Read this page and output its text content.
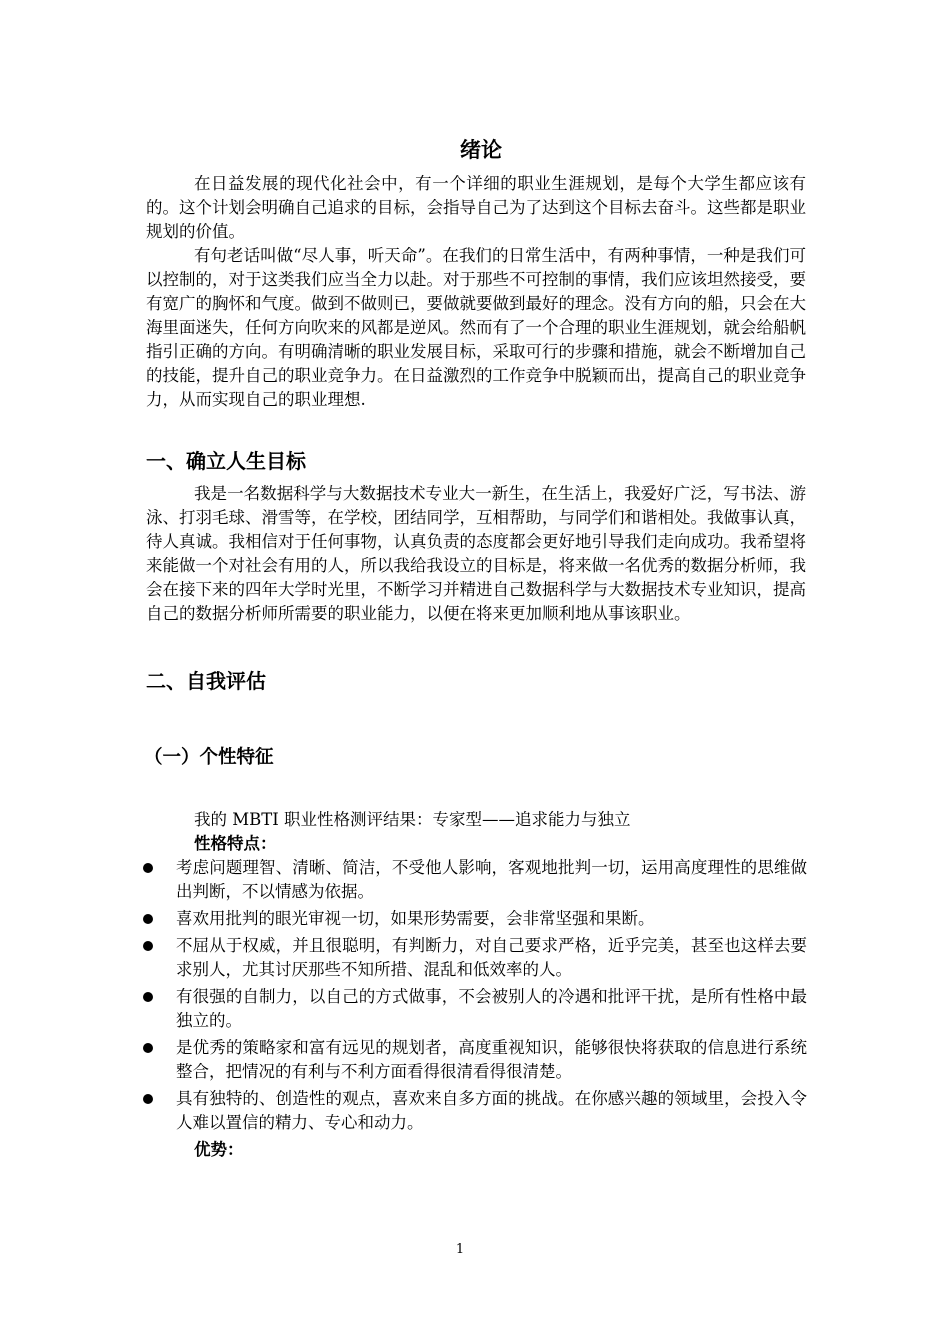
绪论

在日益发展的现代化社会中，有一个详细的职业生涯规划，是每个大学生都应该有的。这个计划会明确自己追求的目标，会指导自己为了达到这个目标去奋斗。这些都是职业规划的价值。

有句老话叫做“尽人事，听天命”。在我们的日常生活中，有两种事情，一种是我们可以控制的，对于这类我们应当全力以赴。对于那些不可控制的事情，我们应该坦然接受，要有宽广的胸怀和气度。做到不做则已，要做就要做到最好的理念。没有方向的船，只会在大海里面迷失，任何方向吹来的风都是逆风。然而有了一个合理的职业生涯规划，就会给船帆指引正确的方向。有明确清晰的职业发展目标，采取可行的步骤和措施，就会不断增加自己的技能，提升自己的职业竞争力。在日益激烈的工作竞争中脱颖而出，提高自己的职业竞争力，从而实现自己的职业理想.

一、确立人生目标

我是一名数据科学与大数据技术专业大一新生，在生活上，我爱好广泛，写书法、游泳、打羽毛球、滑雪等，在学校，团结同学，互相帮助，与同学们和谐相处。我做事认真，待人真诚。我相信对于任何事物，认真负责的态度都会更好地引导我们走向成功。我希望将来能做一个对社会有用的人，所以我给我设立的目标是，将来做一名优秀的数据分析师，我会在接下来的四年大学时光里，不断学习并精进自己数据科学与大数据技术专业知识，提高自己的数据分析师所需要的职业能力，以便在将来更加顺利地从事该职业。

二、自我评估
（一）个性特征
我的 MBTI 职业性格测评结果：专家型——追求能力与独立
性格特点：
考虑问题理智、清晰、简洁，不受他人影响，客观地批判一切，运用高度理性的思维做出判断，不以情感为依据。
喜欢用批判的眼光审视一切，如果形势需要，会非常坚强和果断。
不屈从于权威，并且很聪明，有判断力，对自己要求严格，近乎完美，甚至也这样去要求别人，尤其讨厌那些不知所措、混乱和低效率的人。
有很强的自制力，以自己的方式做事，不会被别人的冷遇和批评干扰，是所有性格中最独立的。
是优秀的策略家和富有远见的规划者，高度重视知识，能够很快将获取的信息进行系统整合，把情况的有利与不利方面看得很清看得很清楚。
具有独特的、创造性的观点，喜欢来自多方面的挑战。在你感兴趣的领域里，会投入令人难以置信的精力、专心和动力。
优势：
1
